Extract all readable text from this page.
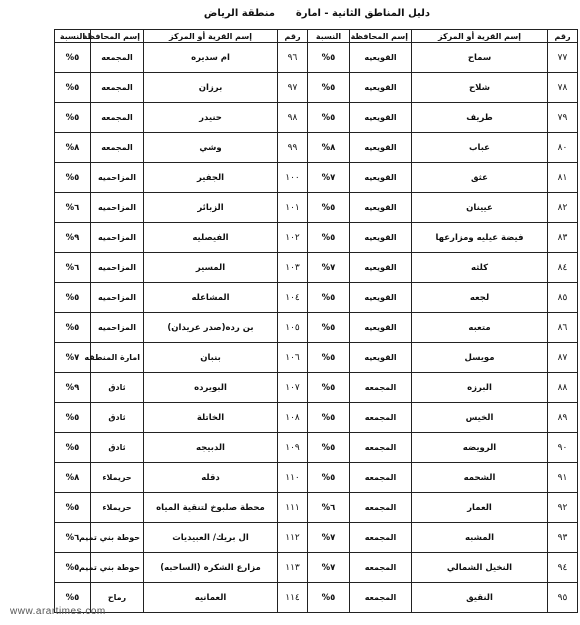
دليل المناطق الثانية - امارة
منطقة الرياض
رقم	إسم القرية أو المركز	إسم المحافظة	النسبة
٧٧	سماح	القويعيه	٥%
٧٨	شلاح	القويعيه	٥%
٧٩	طريف	القويعيه	٥%
٨٠	عباب	القويعيه	٨%
٨١	عثق	القويعيه	٧%
٨٢	عيينان	القويعيه	٥%
٨٣	فيضة عيليه ومزارعها	القويعيه	٥%
٨٤	كلثه	القويعيه	٧%
٨٥	لجعه	القويعيه	٥%
٨٦	متعبه	القويعيه	٥%
٨٧	مويسل	القويعيه	٥%
٨٨	البرزه	المجمعه	٥%
٨٩	الخيس	المجمعه	٥%
٩٠	الرويضه	المجمعه	٥%
٩١	الشحمه	المجمعه	٥%
٩٢	العمار	المجمعه	٦%
٩٣	المشبه	المجمعه	٧%
٩٤	النخيل الشمالي	المجمعه	٧%
٩٥	النقيق	المجمعه	٥%
رقم	إسم القرية أو المركز	إسم المحافظة	النسبة
٩٦	ام سديره	المجمعه	٥%
٩٧	برزان	المجمعه	٥%
٩٨	حنيدر	المجمعه	٥%
٩٩	وشي	المجمعه	٨%
١٠٠	الجفير	المزاحميه	٥%
١٠١	الزبائر	المزاحميه	٦%
١٠٢	الفيصليه	المزاحميه	٩%
١٠٣	المسير	المزاحميه	٦%
١٠٤	المشاعله	المزاحميه	٥%
١٠٥	بن رده(صدر عريدان)	المزاحميه	٥%
١٠٦	بنبان	امارة المنطقه	٧%
١٠٧	البويرده	ثادق	٩%
١٠٨	الخاتلة	ثادق	٥%
١٠٩	الدبيجه	ثادق	٥%
١١٠	دقله	حريملاء	٨%
١١١	محطة صلبوخ لتنقية المياه	حريملاء	٥%
١١٢	ال بريك/ العبيديات	حوطة بني تميم	٦%
١١٣	مزارع الشكره (الساحبه)	حوطة بني تميم	٥%
١١٤	العمانيه	رماح	٥%
www.arartimes.com
